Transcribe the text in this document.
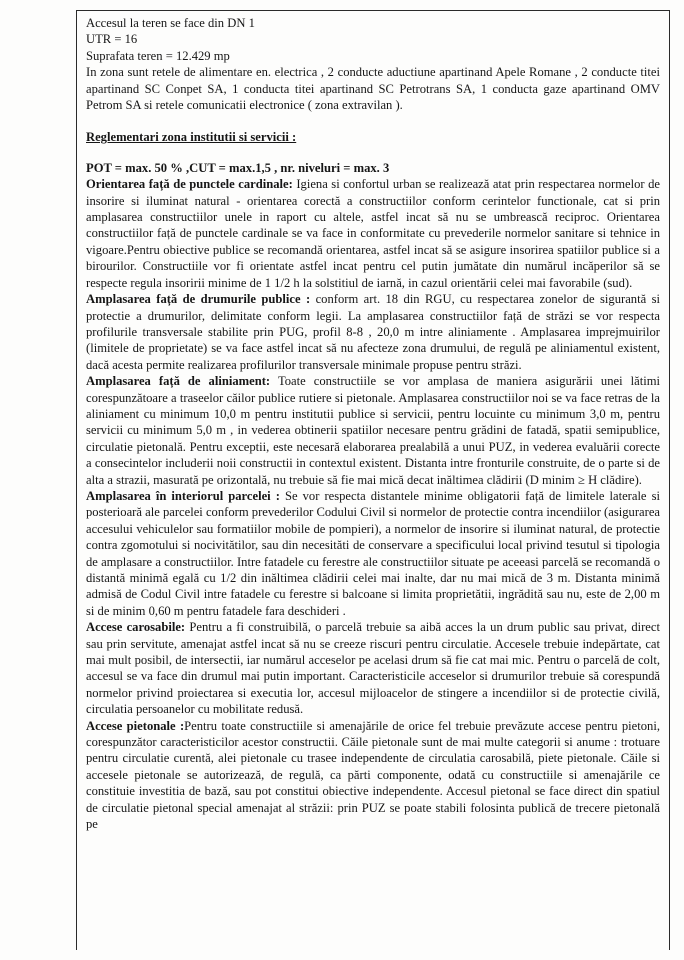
Accesul la teren se face din DN 1

UTR = 16

Suprafata teren = 12.429 mp

In zona sunt retele de alimentare en. electrica , 2 conducte aductiune apartinand Apele Romane , 2 conducte titei apartinand SC Conpet SA, 1 conducta titei apartinand SC Petrotrans SA, 1 conducta gaze apartinand OMV Petrom SA si retele comunicatii electronice ( zona extravilan ).

Reglementari zona institutii si servicii :

POT = max. 50 % ,CUT = max.1,5 , nr. niveluri = max. 3

Orientarea față de punctele cardinale: Igiena si confortul urban se realizează atat prin respectarea normelor de insorire si iluminat natural - orientarea corectă a constructiilor conform cerintelor functionale, cat si prin amplasarea constructiilor unele in raport cu altele, astfel incat să nu se umbrească reciproc. Orientarea constructiilor față de punctele cardinale se va face in conformitate cu prevederile normelor sanitare si tehnice in vigoare.Pentru obiective publice se recomandă orientarea, astfel incat să se asigure insorirea spatiilor publice si a birourilor. Constructiile vor fi orientate astfel incat pentru cel putin jumătate din numărul incăperilor să se respecte regula insoririi minime de 1 1/2 h la solstitiul de iarnă, in cazul orientării celei mai favorabile (sud).

Amplasarea față de drumurile publice : conform art. 18 din RGU, cu respectarea zonelor de sigurantă si protectie a drumurilor, delimitate conform legii. La amplasarea constructiilor față de străzi se vor respecta profilurile transversale stabilite prin PUG, profil 8-8 , 20,0 m intre aliniamente . Amplasarea imprejmuirilor (limitele de proprietate) se va face astfel incat să nu afecteze zona drumului, de regulă pe aliniamentul existent, dacă acesta permite realizarea profilurilor transversale minimale propuse pentru străzi.

Amplasarea față de aliniament: Toate constructiile se vor amplasa de maniera asigurării unei lătimi corespunzătoare a traseelor căilor publice rutiere si pietonale. Amplasarea constructiilor noi se va face retras de la aliniament cu minimum 10,0 m pentru institutii publice si servicii, pentru locuinte cu minimum 3,0 m, pentru servicii cu minimum 5,0 m , in vederea obtinerii spatiilor necesare pentru grădini de fatadă, spatii semipublice, circulatie pietonală. Pentru exceptii, este necesară elaborarea prealabilă a unui PUZ, in vederea evaluării corecte a consecintelor includerii noii constructii in contextul existent. Distanta intre fronturile construite, de o parte si de alta a strazii, masurată pe orizontală, nu trebuie să fie mai mică decat inăltimea clădirii (D minim ≥ H clădire).

Amplasarea în interiorul parcelei : Se vor respecta distantele minime obligatorii față de limitele laterale si posterioară ale parcelei conform prevederilor Codului Civil si normelor de protectie contra incendiilor (asigurarea accesului vehiculelor sau formatiilor mobile de pompieri), a normelor de insorire si iluminat natural, de protectie contra zgomotului si nocivitătilor, sau din necesităti de conservare a specificului local privind tesutul si tipologia de amplasare a constructiilor. Intre fatadele cu ferestre ale constructiilor situate pe aceeasi parcelă se recomandă o distantă minimă egală cu 1/2 din inăltimea clădirii celei mai inalte, dar nu mai mică de 3 m. Distanta minimă admisă de Codul Civil intre fatadele cu ferestre si balcoane si limita proprietătii, ingrădită sau nu, este de 2,00 m si de minim 0,60 m pentru fatadele fara deschideri .

Accese carosabile: Pentru a fi construibilă, o parcelă trebuie sa aibă acces la un drum public sau privat, direct sau prin servitute, amenajat astfel incat să nu se creeze riscuri pentru circulatie. Accesele trebuie indepărtate, cat mai mult posibil, de intersectii, iar numărul acceselor pe acelasi drum să fie cat mai mic. Pentru o parcelă de colt, accesul se va face din drumul mai putin important. Caracteristicile acceselor si drumurilor trebuie să corespundă normelor privind proiectarea si executia lor, accesul mijloacelor de stingere a incendiilor si de protectie civilă, circulatia persoanelor cu mobilitate redusă.

Accese pietonale :Pentru toate constructiile si amenajările de orice fel trebuie prevăzute accese pentru pietoni, corespunzător caracteristicilor acestor constructii. Căile pietonale sunt de mai multe categorii si anume : trotuare pentru circulatie curentă, alei pietonale cu trasee independente de circulatia carosabilă, piete pietonale. Căile si accesele pietonale se autorizează, de regulă, ca părti componente, odată cu constructiile si amenajările ce constituie investitia de bază, sau pot constitui obiective independente. Accesul pietonal se face direct din spatiul de circulatie pietonal special amenajat al străzii: prin PUZ se poate stabili folosinta publică de trecere pietonală pe
